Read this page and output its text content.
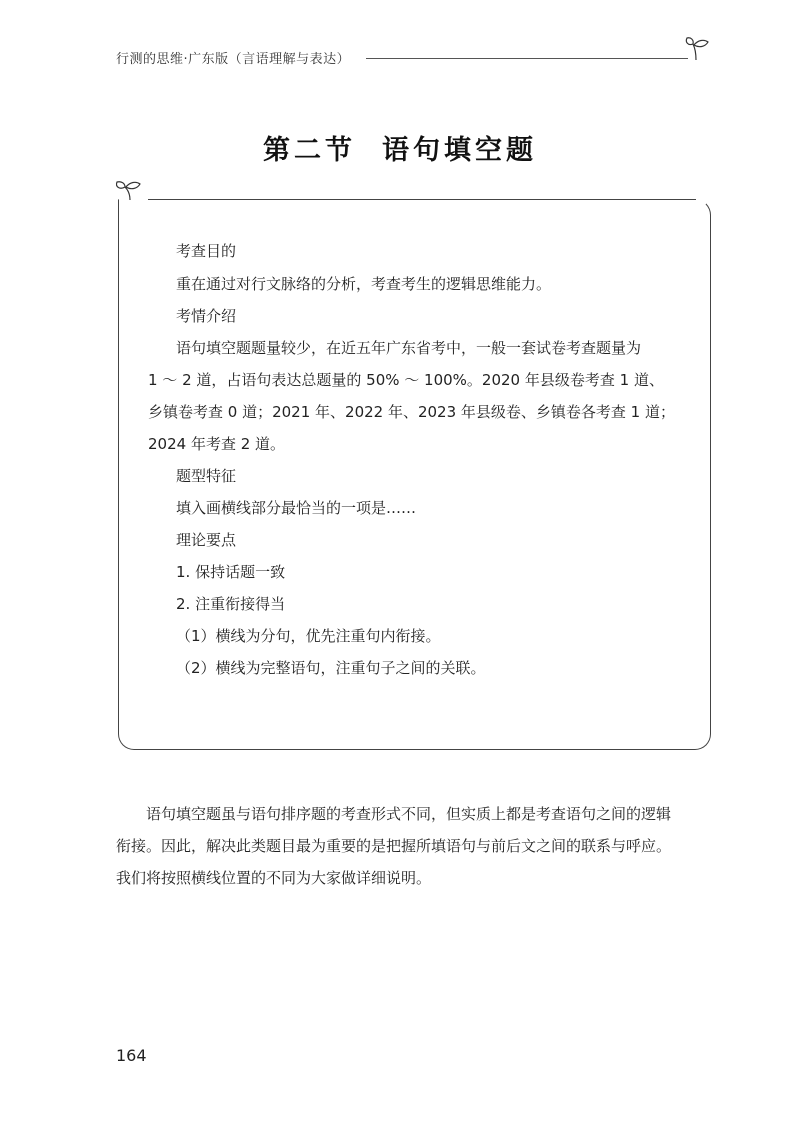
行测的思维·广东版（言语理解与表达）
第二节 语句填空题

考查目的

重在通过对行文脉络的分析，考查考生的逻辑思维能力。

考情介绍

语句填空题题量较少，在近五年广东省考中，一般一套试卷考查题量为

1 ～ 2 道，占语句表达总题量的 50% ～ 100%。2020 年县级卷考查 1 道、

乡镇卷考查 0 道；2021 年、2022 年、2023 年县级卷、乡镇卷各考查 1 道；

2024 年考查 2 道。

题型特征

填入画横线部分最恰当的一项是……

理论要点

1. 保持话题一致

2. 注重衔接得当

（1）横线为分句，优先注重句内衔接。

（2）横线为完整语句，注重句子之间的关联。

语句填空题虽与语句排序题的考查形式不同，但实质上都是考查语句之间的逻辑

衔接。因此，解决此类题目最为重要的是把握所填语句与前后文之间的联系与呼应。

我们将按照横线位置的不同为大家做详细说明。

164
